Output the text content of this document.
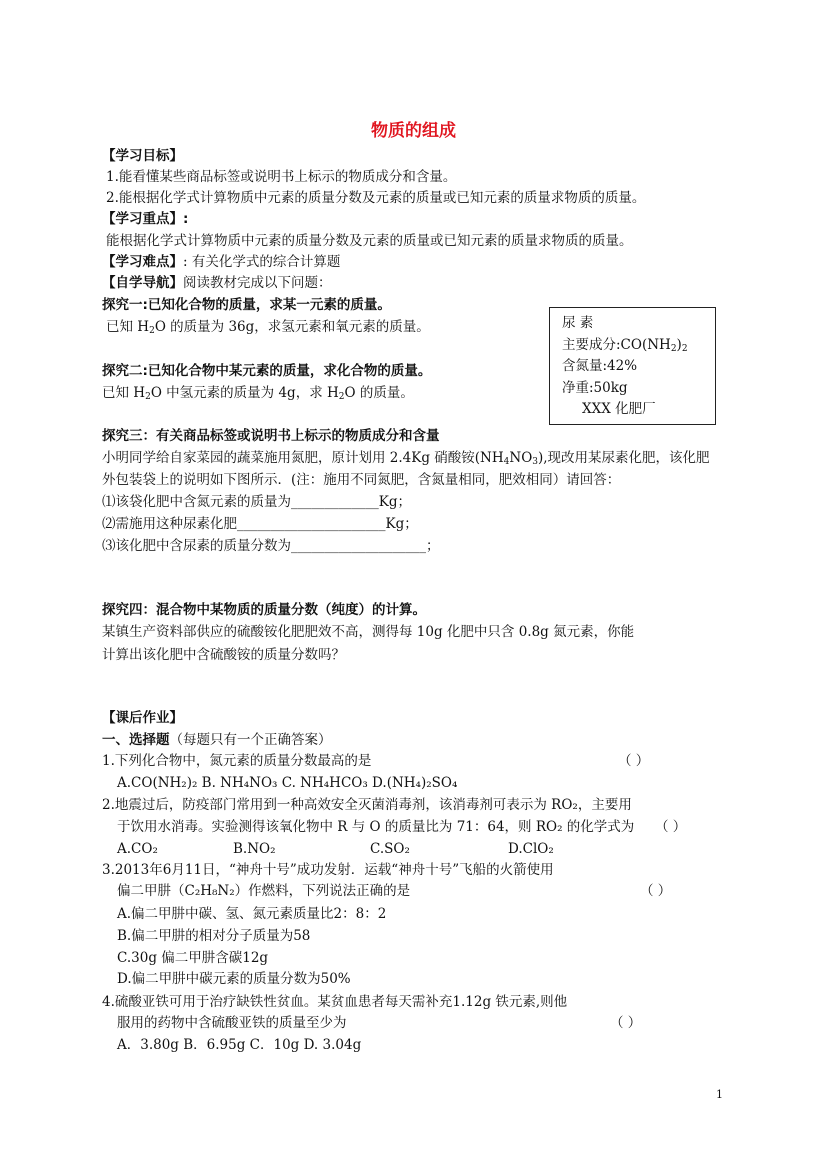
物质的组成
【学习目标】
1.能看懂某些商品标签或说明书上标示的物质成分和含量。
2.能根据化学式计算物质中元素的质量分数及元素的质量或已知元素的质量求物质的质量。
【学习重点】:
能根据化学式计算物质中元素的质量分数及元素的质量或已知元素的质量求物质的质量。
【学习难点】: 有关化学式的综合计算题
【自学导航】阅读教材完成以下问题：
探究一:已知化合物的质量，求某一元素的质量。
已知 $H_2O$ 的质量为 36g，求氢元素和氧元素的质量。
探究二:已知化合物中某元素的质量，求化合物的质量。
已知 $H_2O$ 中氢元素的质量为 4g，求 $H_2O$ 的质量。
尿 素
主要成分$:CO(NH_2)_2$
含氮量:42%
净重:50kg
XXX 化肥厂
探究三：有关商品标签或说明书上标示的物质成分和含量
小明同学给自家菜园的蔬菜施用氮肥，原计划用 2.4Kg 硝酸铵$(NH_4NO_3)$,现改用某尿素化肥，该化肥
外包装袋上的说明如下图所示．(注：施用不同氮肥，含氮量相同，肥效相同）请回答：
⑴该袋化肥中含氮元素的质量为_____________Kg；
⑵需施用这种尿素化肥______________________Kg；
⑶该化肥中含尿素的质量分数为____________________；
探究四：混合物中某物质的质量分数（纯度）的计算。
某镇生产资料部供应的硫酸铵化肥肥效不高，测得每 10g 化肥中只含 0.8g 氮元素，你能
计算出该化肥中含硫酸铵的质量分数吗？
【课后作业】
一、选择题（每题只有一个正确答案）
1.下列化合物中，氮元素的质量分数最高的是	（ ）
A.CO(NH₂)₂ B. NH₄NO₃ C. NH₄HCO₃ D.(NH₄)₂SO₄
2.地震过后，防疫部门常用到一种高效安全灭菌消毒剂，该消毒剂可表示为 RO₂，主要用
于饮用水消毒。实验测得该氧化物中 R 与 O 的质量比为 71：64，则 RO₂ 的化学式为 （ ）
A.CO₂	B.NO₂	C.SO₂	D.ClO₂
3.2013年6月11日，“神舟十号”成功发射．运载“神舟十号”飞船的火箭使用
偏二甲肼（C₂H₈N₂）作燃料，下列说法正确的是	（ ）
A.偏二甲肼中碳、氢、氮元素质量比2：8：2
B.偏二甲肼的相对分子质量为58
C.30g 偏二甲肼含碳12g
D.偏二甲肼中碳元素的质量分数为50%
4.硫酸亚铁可用于治疗缺铁性贫血。某贫血患者每天需补充1.12g 铁元素,则他
服用的药物中含硫酸亚铁的质量至少为	（ ）
A．3.80g B．6.95g C．10g D. 3.04g
1
